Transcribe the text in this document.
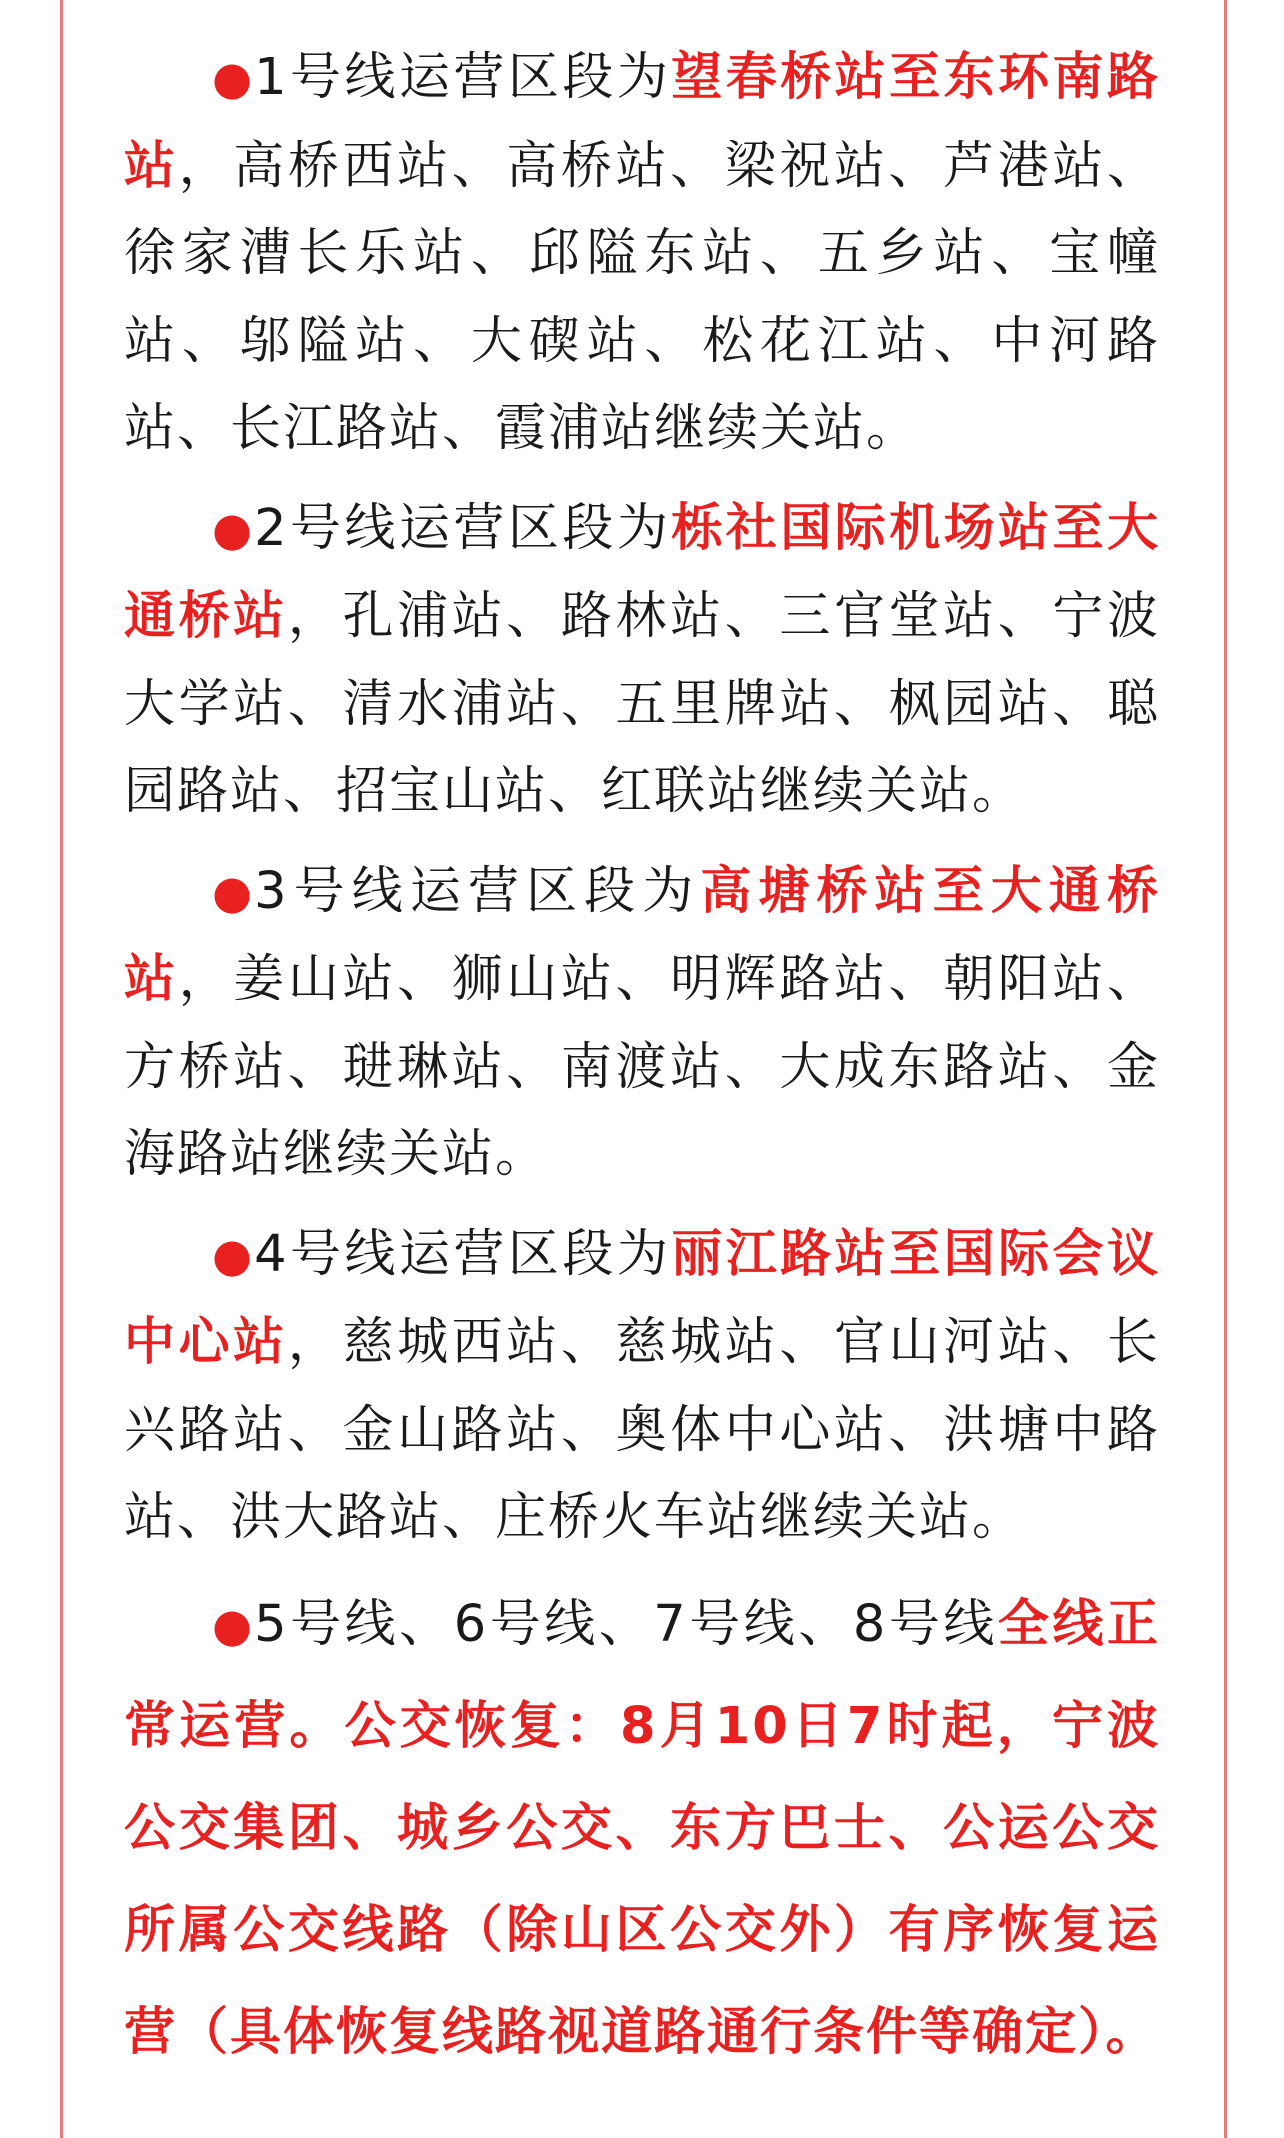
●1号线运营区段为望春桥站至东环南路站，高桥西站、高桥站、梁祝站、芦港站、徐家漕长乐站、邱隘东站、五乡站、宝幢站、邬隘站、大碶站、松花江站、中河路站、长江路站、霞浦站继续关站。

●2号线运营区段为栎社国际机场站至大通桥站，孔浦站、路林站、三官堂站、宁波大学站、清水浦站、五里牌站、枫园站、聪园路站、招宝山站、红联站继续关站。

●3号线运营区段为高塘桥站至大通桥站，姜山站、狮山站、明辉路站、朝阳站、方桥站、琎琳站、南渡站、大成东路站、金海路站继续关站。

●4号线运营区段为丽江路站至国际会议中心站，慈城西站、慈城站、官山河站、长兴路站、金山路站、奥体中心站、洪塘中路站、洪大路站、庄桥火车站继续关站。

●5号线、6号线、7号线、8号线全线正常运营。公交恢复：8月10日7时起，宁波公交集团、城乡公交、东方巴士、公运公交所属公交线路（除山区公交外）有序恢复运营（具体恢复线路视道路通行条件等确定）。
